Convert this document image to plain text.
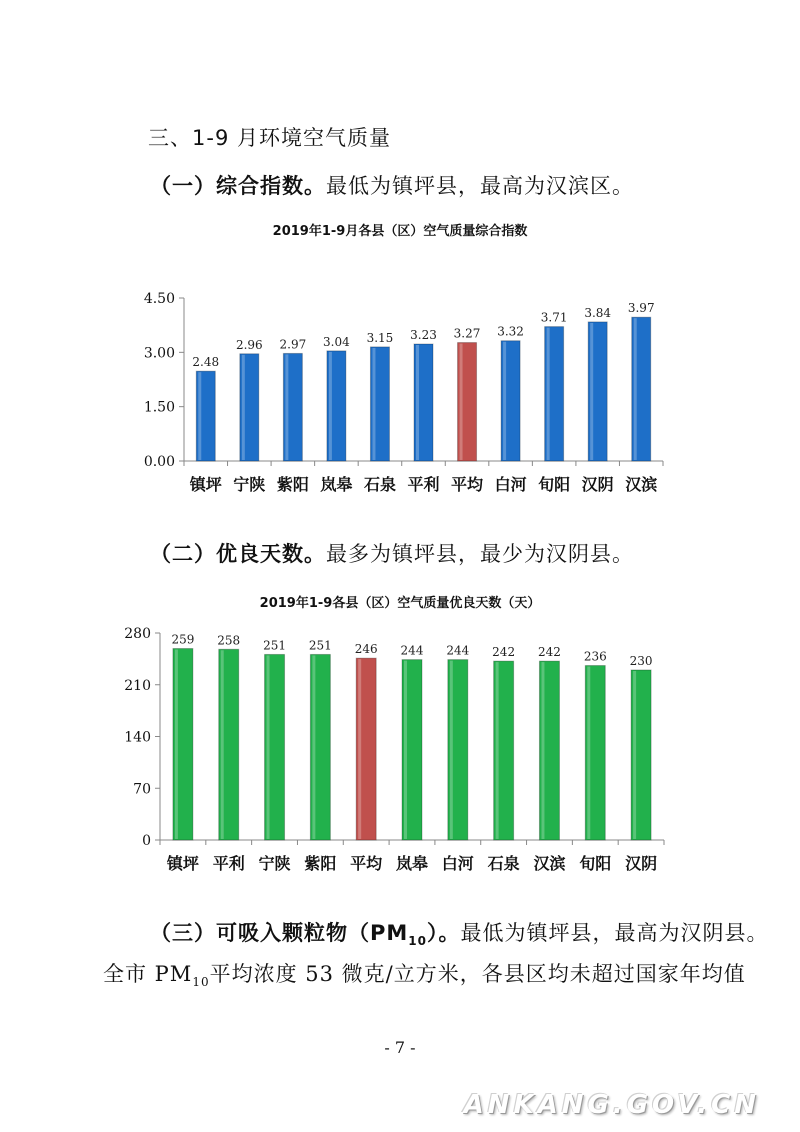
三、1-9 月环境空气质量
（一）综合指数。最低为镇坪县，最高为汉滨区。
2019年1-9月各县（区）空气质量综合指数
0.00
1.50
3.00
4.50
2.48
镇坪
2.96
宁陕
2.97
紫阳
3.04
岚皋
3.15
石泉
3.23
平利
3.27
平均
3.32
白河
3.71
旬阳
3.84
汉阴
3.97
汉滨
（二）优良天数。最多为镇坪县，最少为汉阴县。
2019年1-9各县（区）空气质量优良天数（天）
0
70
140
210
280 259
镇坪
258
平利
251
宁陕
251
紫阳
246
平均
244
岚皋
244
白河
242
石泉
242
汉滨
236
旬阳
230
汉阴
（三）可吸入颗粒物$(PM_{10})$。最低为镇坪县，最高为汉阴县。
全市 $PM_{10}$平均浓度 53 微克/立方米，各县区均未超过国家年均值
- 7 -
ANKANG.GOV.CN
